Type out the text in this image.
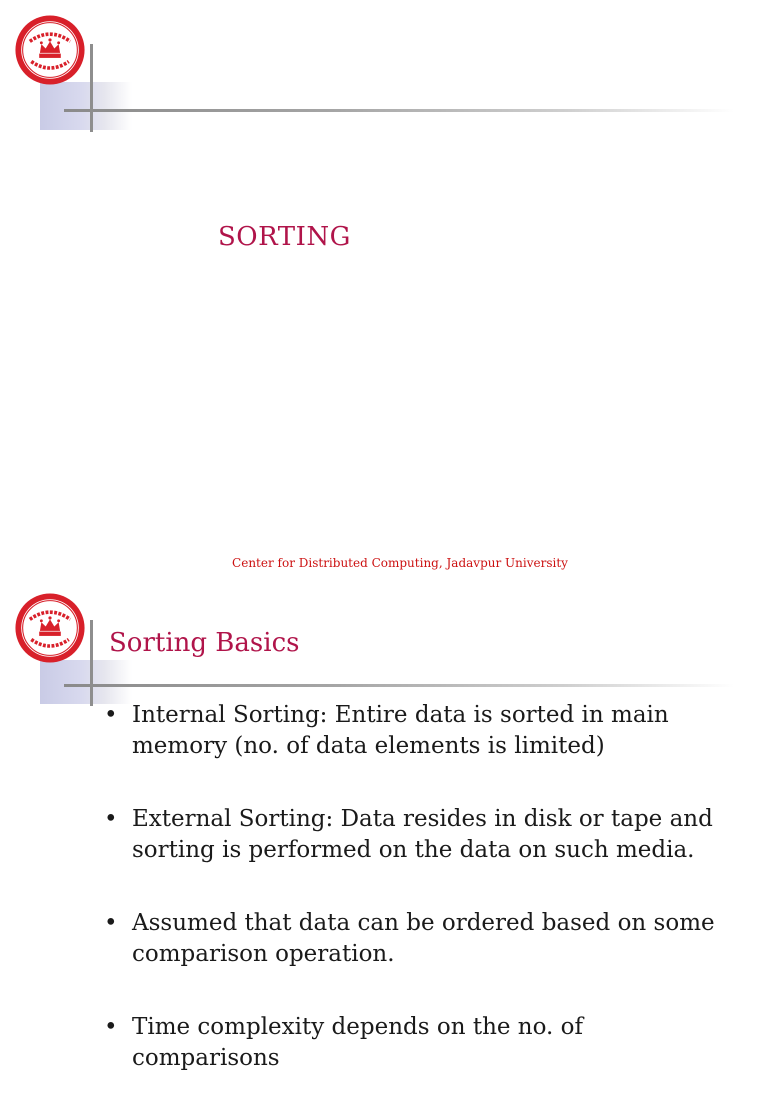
SORTING
Center for Distributed Computing, Jadavpur University
Sorting Basics
• Internal Sorting: Entire data is sorted in main memory (no. of data elements is limited)
• External Sorting: Data resides in disk or tape and sorting is performed on the data on such media.
• Assumed that data can be ordered based on some comparison operation.
• Time complexity depends on the no. of comparisons
